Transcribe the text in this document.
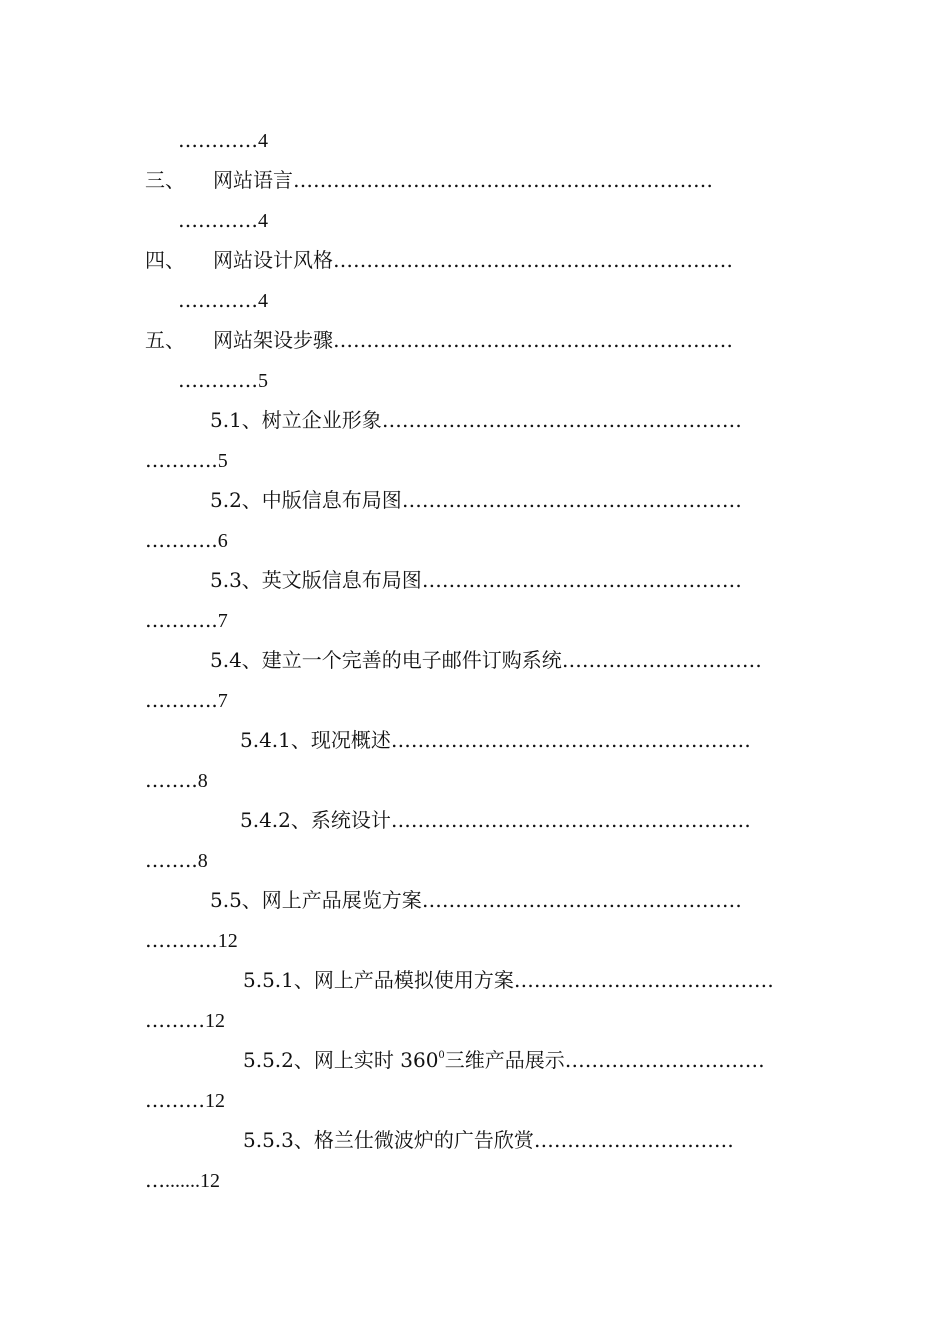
…………4
三、 网站语言………………………………………………………
…………4
四、 网站设计风格……………………………………………………
…………4
五、 网站架设步骤……………………………………………………
…………5
5.1、树立企业形象………………………………………………
………..5
5.2、中版信息布局图……………………………………………
………..6
5.3、英文版信息布局图…………………………………………
………..7
5.4、建立一个完善的电子邮件订购系统…………………………
………..7
5.4.1、现况概述………………………………………………
……..8
5.4.2、系统设计………………………………………………
……..8
5.5、网上产品展览方案…………………………………………
………..12
5.5.1、网上产品模拟使用方案…………………………………
………12
5.5.2、网上实时 $360^0$三维产品展示…………………………
………12
5.5.3、格兰仕微波炉的广告欣赏…………………………
….......12
